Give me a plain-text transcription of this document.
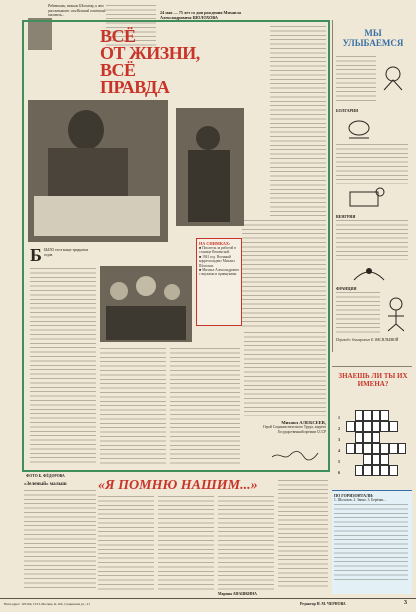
Ребятишки, звонили Шолохову, и это рассказывает: сам Великий советский писатель...
24 мая — 75 лет со дня рождения Михаила Александровича ШОЛОХОВА
ВСЁ
ОТ ЖИЗНИ,
ВСЁ ПРАВДА
НА СНИМКАХ:
■ Писатель за работой в станице Вешенской.
■ 1941 год. Военный корреспондент Михаил Шолохов.
■ Михаил Александрович с внуками и правнуками.
Б БЫЛО это в конце тридцатых годов.
Михаил АЛЕКСЕЕВ,
Герой Социалистического Труда, лауреат Государственной премии СССР
ФОТО Б. ФЁДОРОВА
«Зеленый» малыш	«Я ПОМНЮ НАШИМ...»
Марина АНАШКИНА
МЫ УЛЫБАЕМСЯ
БОЛГАРИЯ
ВЕНГРИЯ
ФРАНЦИЯ
Перевод с болгарского Е. ВАСИЛЬЕВОЙ
ЗНАЕШЬ ЛИ ТЫ ИХ ИМЕНА?
1
2
3
4
5
6
ПО ГОРИЗОНТАЛИ:
1. Шолохов. 2. Звено. 3. Берёзки...
Наш адрес: 103104, ГСП, Москва, К-104, Сущевская ул., 21	Редактор Н. М. ЧЕРНОВА	3
